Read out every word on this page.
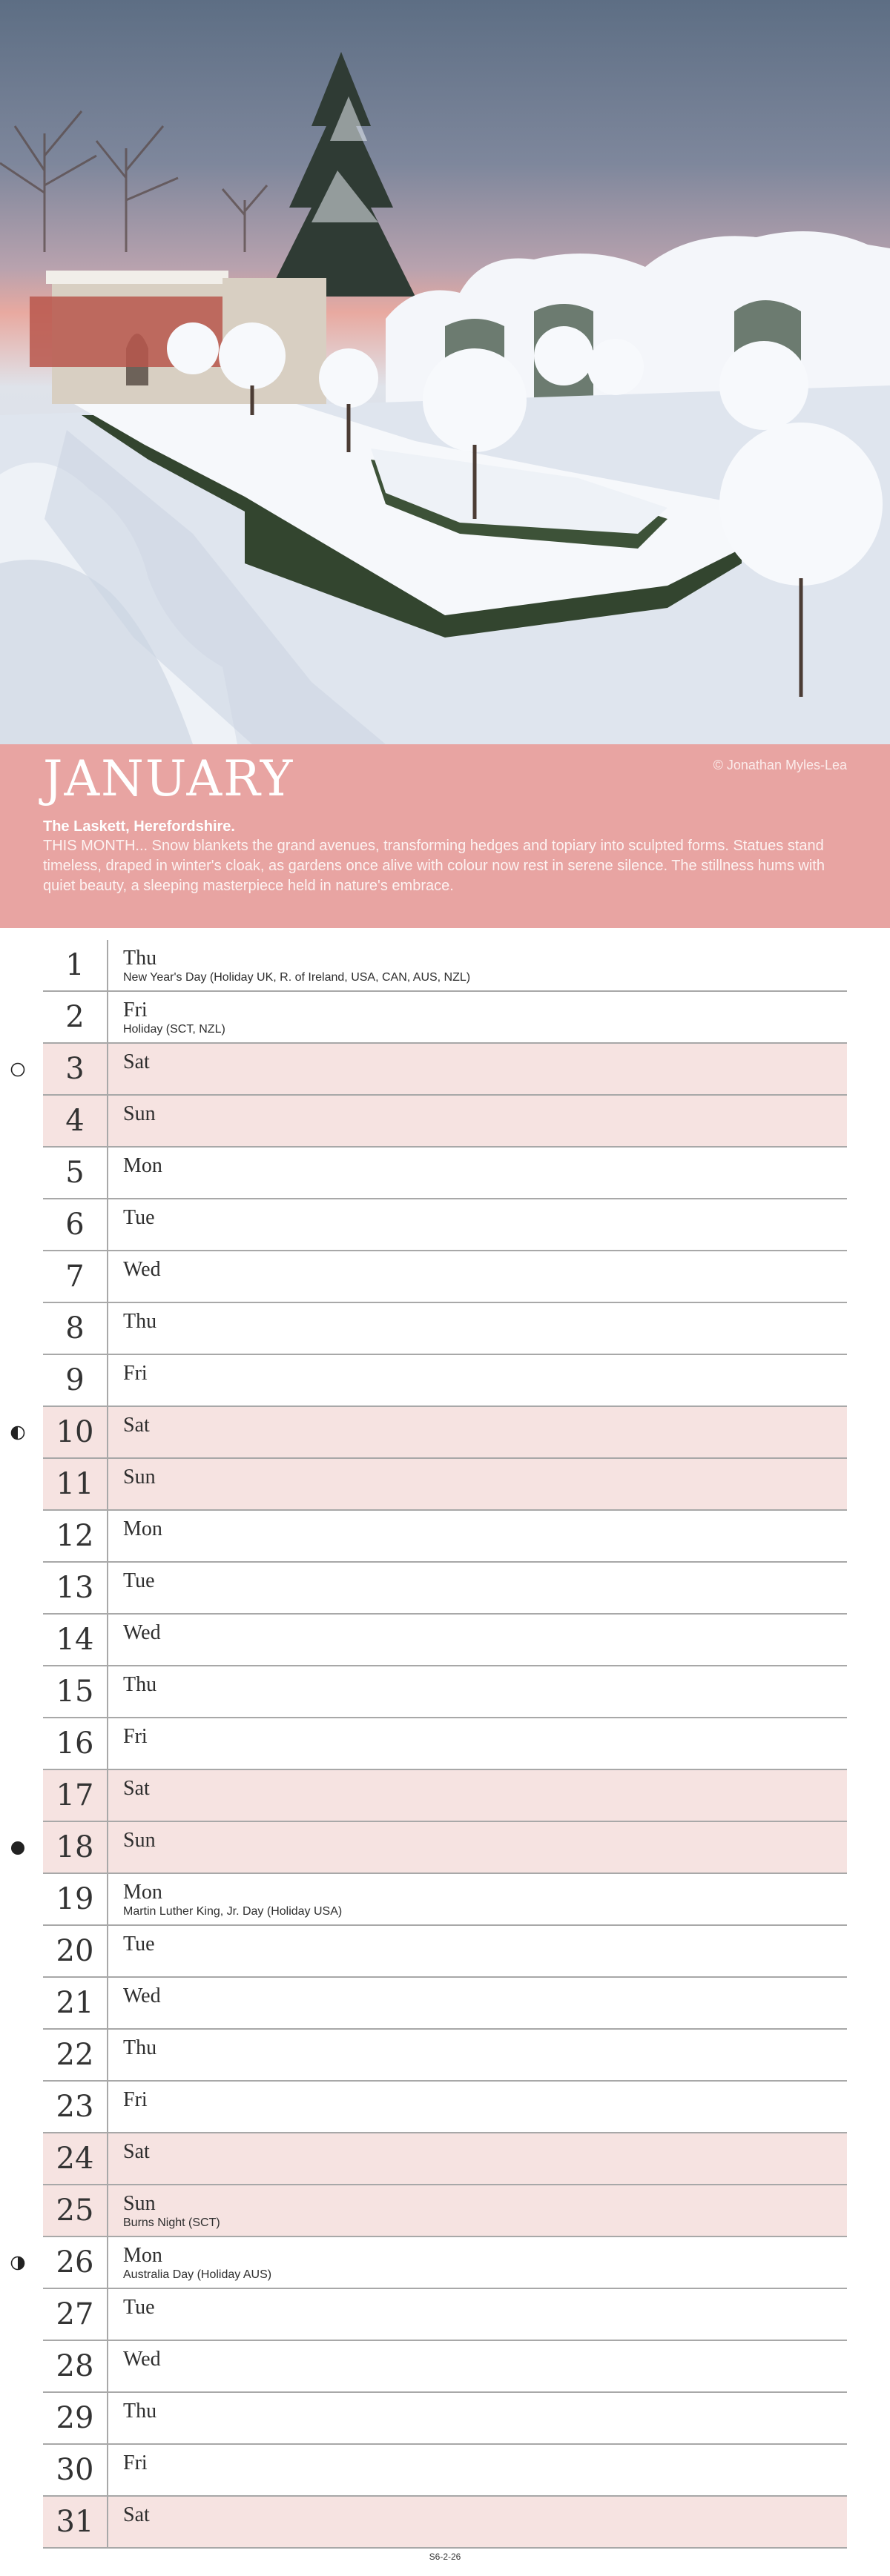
JANUARY	© Jonathan Myles-Lea
The Laskett, Herefordshire.
THIS MONTH... Snow blankets the grand avenues, transforming hedges and topiary into sculpted forms. Statues stand timeless, draped in winter's cloak, as gardens once alive with colour now rest in serene silence. The stillness hums with quiet beauty, a sleeping masterpiece held in nature's embrace.
1	Thu
New Year's Day (Holiday UK, R. of Ireland, USA, CAN, AUS, NZL)
2	Fri
Holiday (SCT, NZL)
3	Sat
4	Sun
5	Mon
6	Tue
7	Wed
8	Thu
9	Fri
10	Sat
11	Sun
12	Mon
13	Tue
14	Wed
15	Thu
16	Fri
17	Sat
18	Sun
19	Mon
Martin Luther King, Jr. Day (Holiday USA)
20	Tue
21	Wed
22	Thu
23	Fri
24	Sat
25	Sun
Burns Night (SCT)
26	Mon
Australia Day (Holiday AUS)
27	Tue
28	Wed
29	Thu
30	Fri
31	Sat
S6-2-26
